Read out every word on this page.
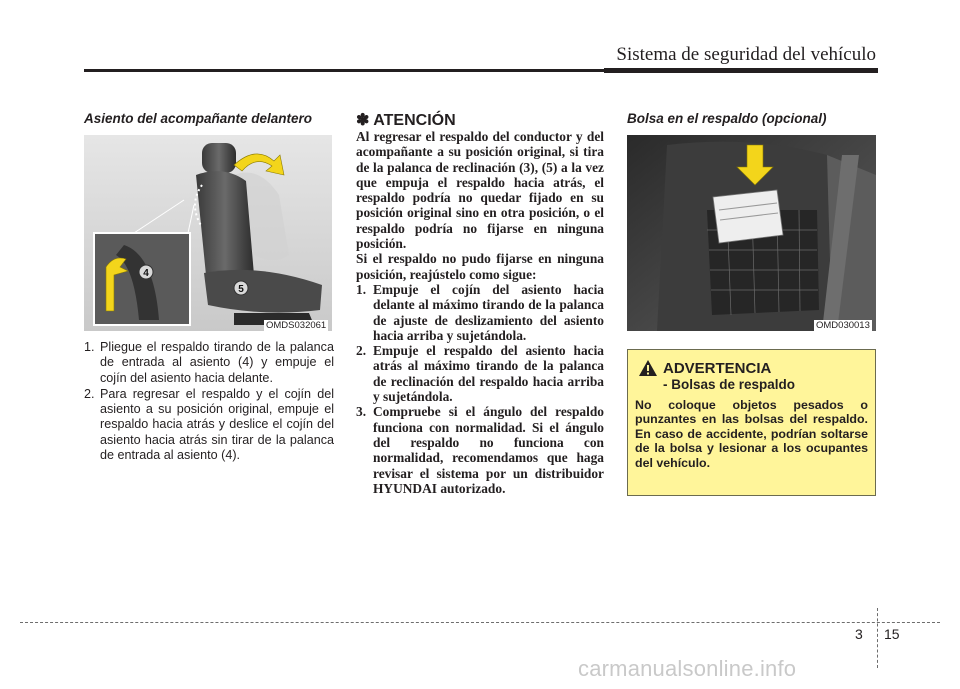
Sistema de seguridad del vehículo
Asiento del acompañante delantero
4
5
OMDS032061
1. Pliegue el respaldo tirando de la palanca de entrada al asiento (4) y empuje el cojín del asiento hacia delante.
2. Para regresar el respaldo y el cojín del asiento a su posición original, empuje el respaldo hacia atrás y deslice el cojín del asiento hacia atrás sin tirar de la palanca de entrada al asiento (4).
✽ ATENCIÓN

Al regresar el respaldo del conductor y del acompañante a su posición original, si tira de la palanca de reclinación (3), (5) a la vez que empuja el respaldo hacia atrás, el respaldo podría no quedar fijado en su posición original sino en otra posición, o el respaldo podría no fijarse en ninguna posición.

Si el respaldo no pudo fijarse en ninguna posición, reajústelo como sigue:

1. Empuje el cojín del asiento hacia delante al máximo tirando de la palanca de ajuste de deslizamiento del asiento hacia arriba y sujetándola.
2. Empuje el respaldo del asiento hacia atrás al máximo tirando de la palanca de reclinación del respaldo hacia arriba y sujetándola.
3. Compruebe si el ángulo del respaldo funciona con normalidad. Si el ángulo del respaldo no funciona con normalidad, recomendamos que haga revisar el sistema por un distribuidor HYUNDAI autorizado.
Bolsa en el respaldo (opcional)
OMD030013
ADVERTENCIA
- Bolsas de respaldo
No coloque objetos pesados o punzantes en las bolsas del respaldo. En caso de accidente, podrían soltarse de la bolsa y lesionar a los ocupantes del vehículo.
3 15
carmanualsonline.info
